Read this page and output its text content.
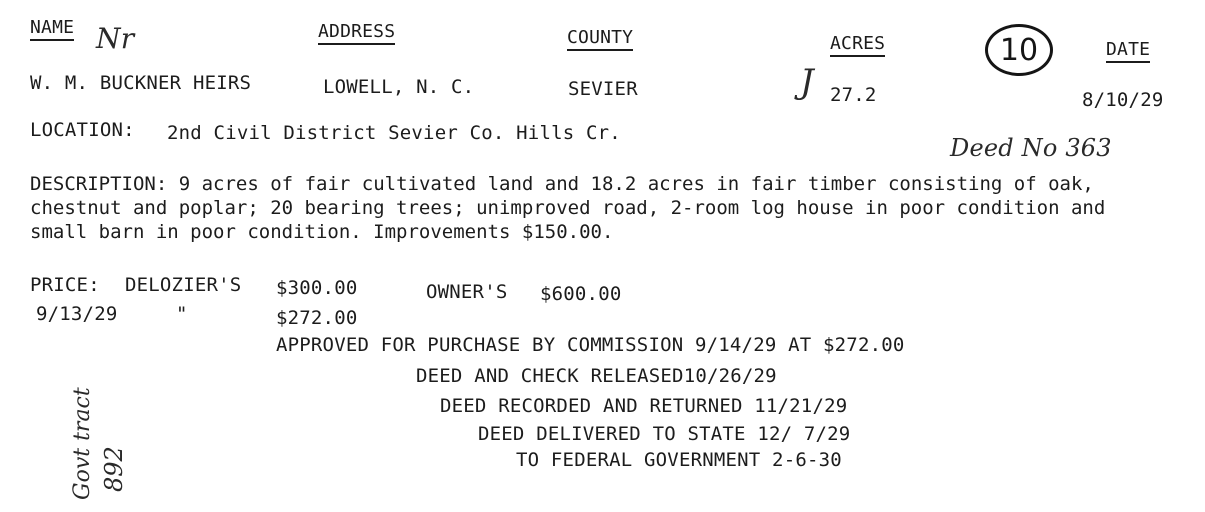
NAME Nr	ADDRESS	COUNTY	ACRES	10	DATE
W. M. BUCKNER HEIRS	LOWELL, N. C.	SEVIER	J 27.2	8/10/29
LOCATION: 2nd Civil District Sevier Co. Hills Cr.
Deed No 363
DESCRIPTION: 9 acres of fair cultivated land and 18.2 acres in fair timber consisting of oak, chestnut and poplar; 20 bearing trees; unimproved road, 2-room log house in poor condition and small barn in poor condition. Improvements $150.00.
PRICE: DELOZIER'S $300.00	OWNER'S $600.00
9/13/29	"	$272.00
APPROVED FOR PURCHASE BY COMMISSION 9/14/29 AT $272.00
DEED AND CHECK RELEASED10/26/29
DEED RECORDED AND RETURNED 11/21/29
DEED DELIVERED TO STATE 12/ 7/29
TO FEDERAL GOVERNMENT 2-6-30
Govt tract 892
